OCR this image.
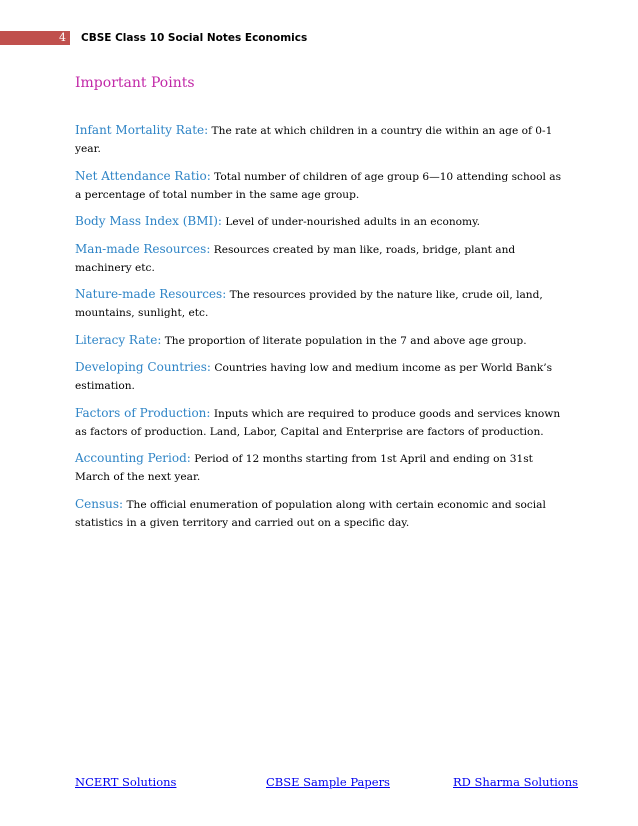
4	CBSE Class 10 Social Notes Economics
Important Points

Infant Mortality Rate: The rate at which children in a country die within an age of 0-1 year.

Net Attendance Ratio: Total number of children of age group 6—10 attending school as a percentage of total number in the same age group.

Body Mass Index (BMI): Level of under-nourished adults in an economy.

Man-made Resources: Resources created by man like, roads, bridge, plant and machinery etc.

Nature-made Resources: The resources provided by the nature like, crude oil, land, mountains, sunlight, etc.

Literacy Rate: The proportion of literate population in the 7 and above age group.

Developing Countries: Countries having low and medium income as per World Bank’s estimation.

Factors of Production: Inputs which are required to produce goods and services known as factors of production. Land, Labor, Capital and Enterprise are factors of production.

Accounting Period: Period of 12 months starting from 1st April and ending on 31st March of the next year.

Census: The official enumeration of population along with certain economic and social statistics in a given territory and carried out on a specific day.

NCERT Solutions	CBSE Sample Papers	RD Sharma Solutions
